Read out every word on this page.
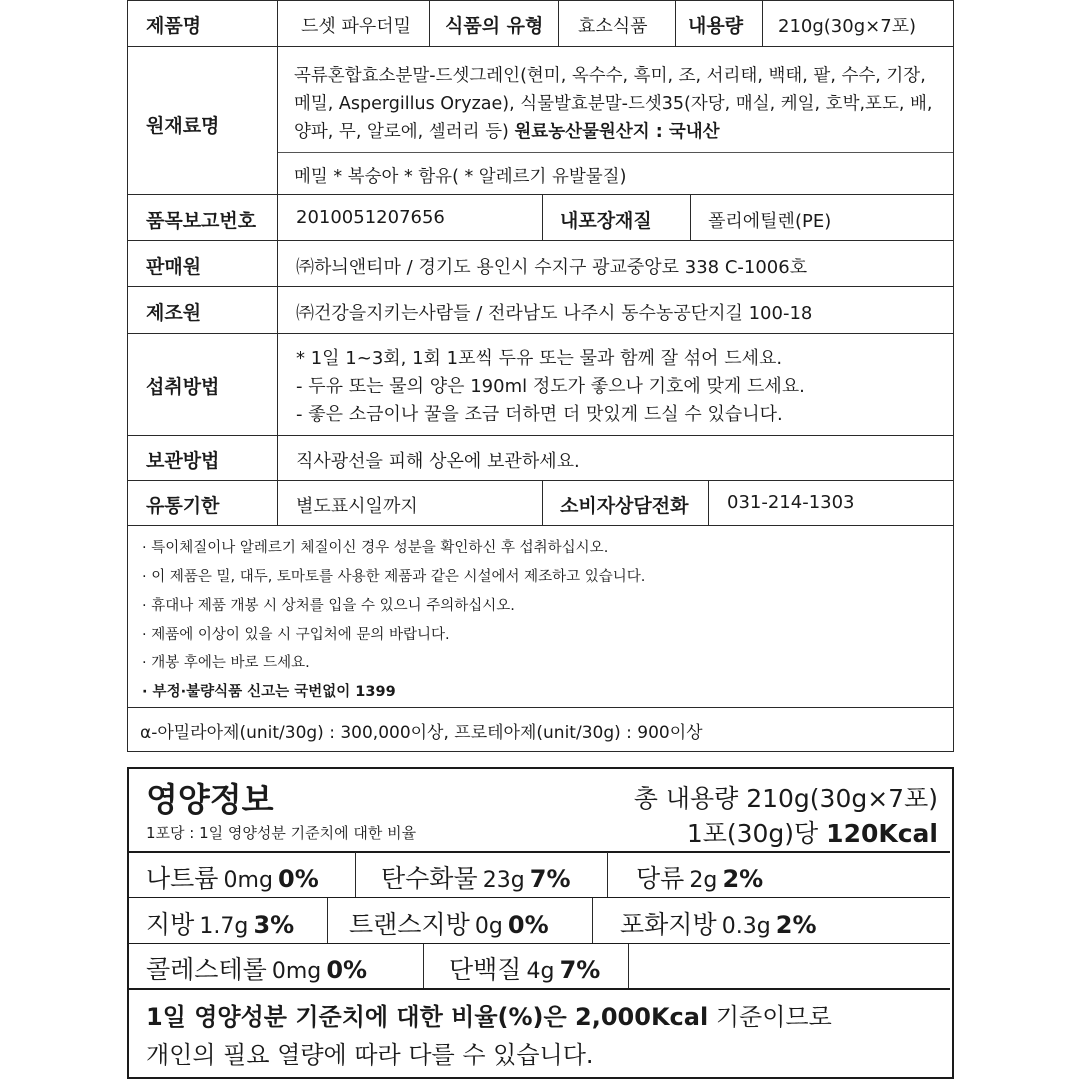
제품명	드셋 파우더밀 식품의 유형 효소식품 내용량 210g(30g×7포)
원재료명
곡류혼합효소분말-드셋그레인(현미, 옥수수, 흑미, 조, 서리태, 백태, 팥, 수수, 기장,
메밀, Aspergillus Oryzae), 식물발효분말-드셋35(자당, 매실, 케일, 호박,포도, 배,
양파, 무, 알로에, 셀러리 등) 원료농산물원산지 : 국내산
메밀 * 복숭아 * 함유( * 알레르기 유발물질)
품목보고번호 2010051207656	내포장재질	폴리에틸렌(PE)
판매원	㈜하늬앤티마 / 경기도 용인시 수지구 광교중앙로 338 C-1006호
제조원	㈜건강을지키는사람들 / 전라남도 나주시 동수농공단지길 100-18
섭취방법
* 1일 1~3회, 1회 1포씩 두유 또는 물과 함께 잘 섞어 드세요.
- 두유 또는 물의 양은 190ml 정도가 좋으나 기호에 맞게 드세요.
- 좋은 소금이나 꿀을 조금 더하면 더 맛있게 드실 수 있습니다.
보관방법	직사광선을 피해 상온에 보관하세요.
유통기한	별도표시일까지	소비자상담전화 031-214-1303
· 특이체질이나 알레르기 체질이신 경우 성분을 확인하신 후 섭취하십시오.
· 이 제품은 밀, 대두, 토마토를 사용한 제품과 같은 시설에서 제조하고 있습니다.
· 휴대나 제품 개봉 시 상처를 입을 수 있으니 주의하십시오.
· 제품에 이상이 있을 시 구입처에 문의 바랍니다.
· 개봉 후에는 바로 드세요.
· 부정·불량식품 신고는 국번없이 1399
α-아밀라아제(unit/30g) : 300,000이상, 프로테아제(unit/30g) : 900이상
영양정보
1포당 : 1일 영양성분 기준치에 대한 비율
총 내용량 210g(30g×7포)
1포(30g)당 120Kcal
나트륨 0mg 0% 탄수화물 23g 7%	당류 2g 2%
지방 1.7g 3% 트랜스지방 0g 0%	포화지방 0.3g 2%
콜레스테롤 0mg 0%	단백질 4g 7%
1일 영양성분 기준치에 대한 비율(%)은 2,000Kcal 기준이므로
개인의 필요 열량에 따라 다를 수 있습니다.
